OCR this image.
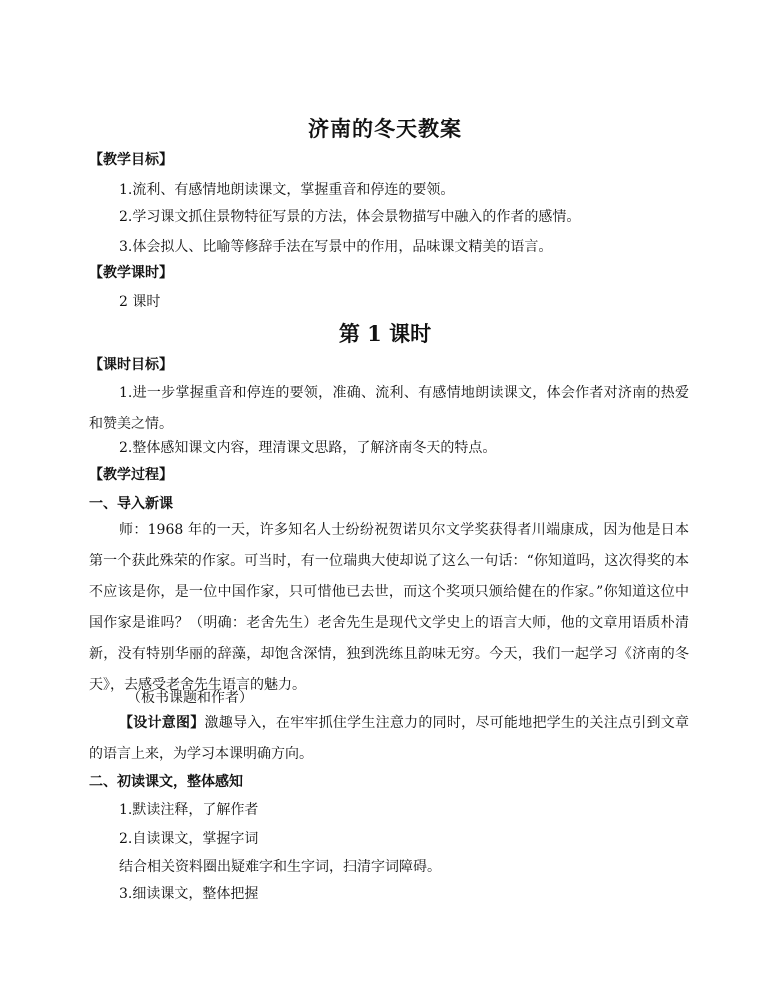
济南的冬天教案
【教学目标】
1.流利、有感情地朗读课文，掌握重音和停连的要领。
2.学习课文抓住景物特征写景的方法，体会景物描写中融入的作者的感情。
3.体会拟人、比喻等修辞手法在写景中的作用，品味课文精美的语言。
【教学课时】
2 课时
第 1 课时
【课时目标】

1.进一步掌握重音和停连的要领，准确、流利、有感情地朗读课文，体会作者对济南的热爱和赞美之情。

2.整体感知课文内容，理清课文思路，了解济南冬天的特点。
【教学过程】
一、导入新课

师：1968 年的一天，许多知名人士纷纷祝贺诺贝尔文学奖获得者川端康成，因为他是日本第一个获此殊荣的作家。可当时，有一位瑞典大使却说了这么一句话：“你知道吗，这次得奖的本不应该是你，是一位中国作家，只可惜他已去世，而这个奖项只颁给健在的作家。”你知道这位中国作家是谁吗？（明确：老舍先生）老舍先生是现代文学史上的语言大师，他的文章用语质朴清新，没有特别华丽的辞藻，却饱含深情，独到洗练且韵味无穷。今天，我们一起学习《济南的冬天》，去感受老舍先生语言的魅力。

（板书课题和作者）

【设计意图】激趣导入，在牢牢抓住学生注意力的同时，尽可能地把学生的关注点引到文章的语言上来，为学习本课明确方向。

二、初读课文，整体感知
1.默读注释，了解作者
2.自读课文，掌握字词
结合相关资料圈出疑难字和生字词，扫清字词障碍。
3.细读课文，整体把握
